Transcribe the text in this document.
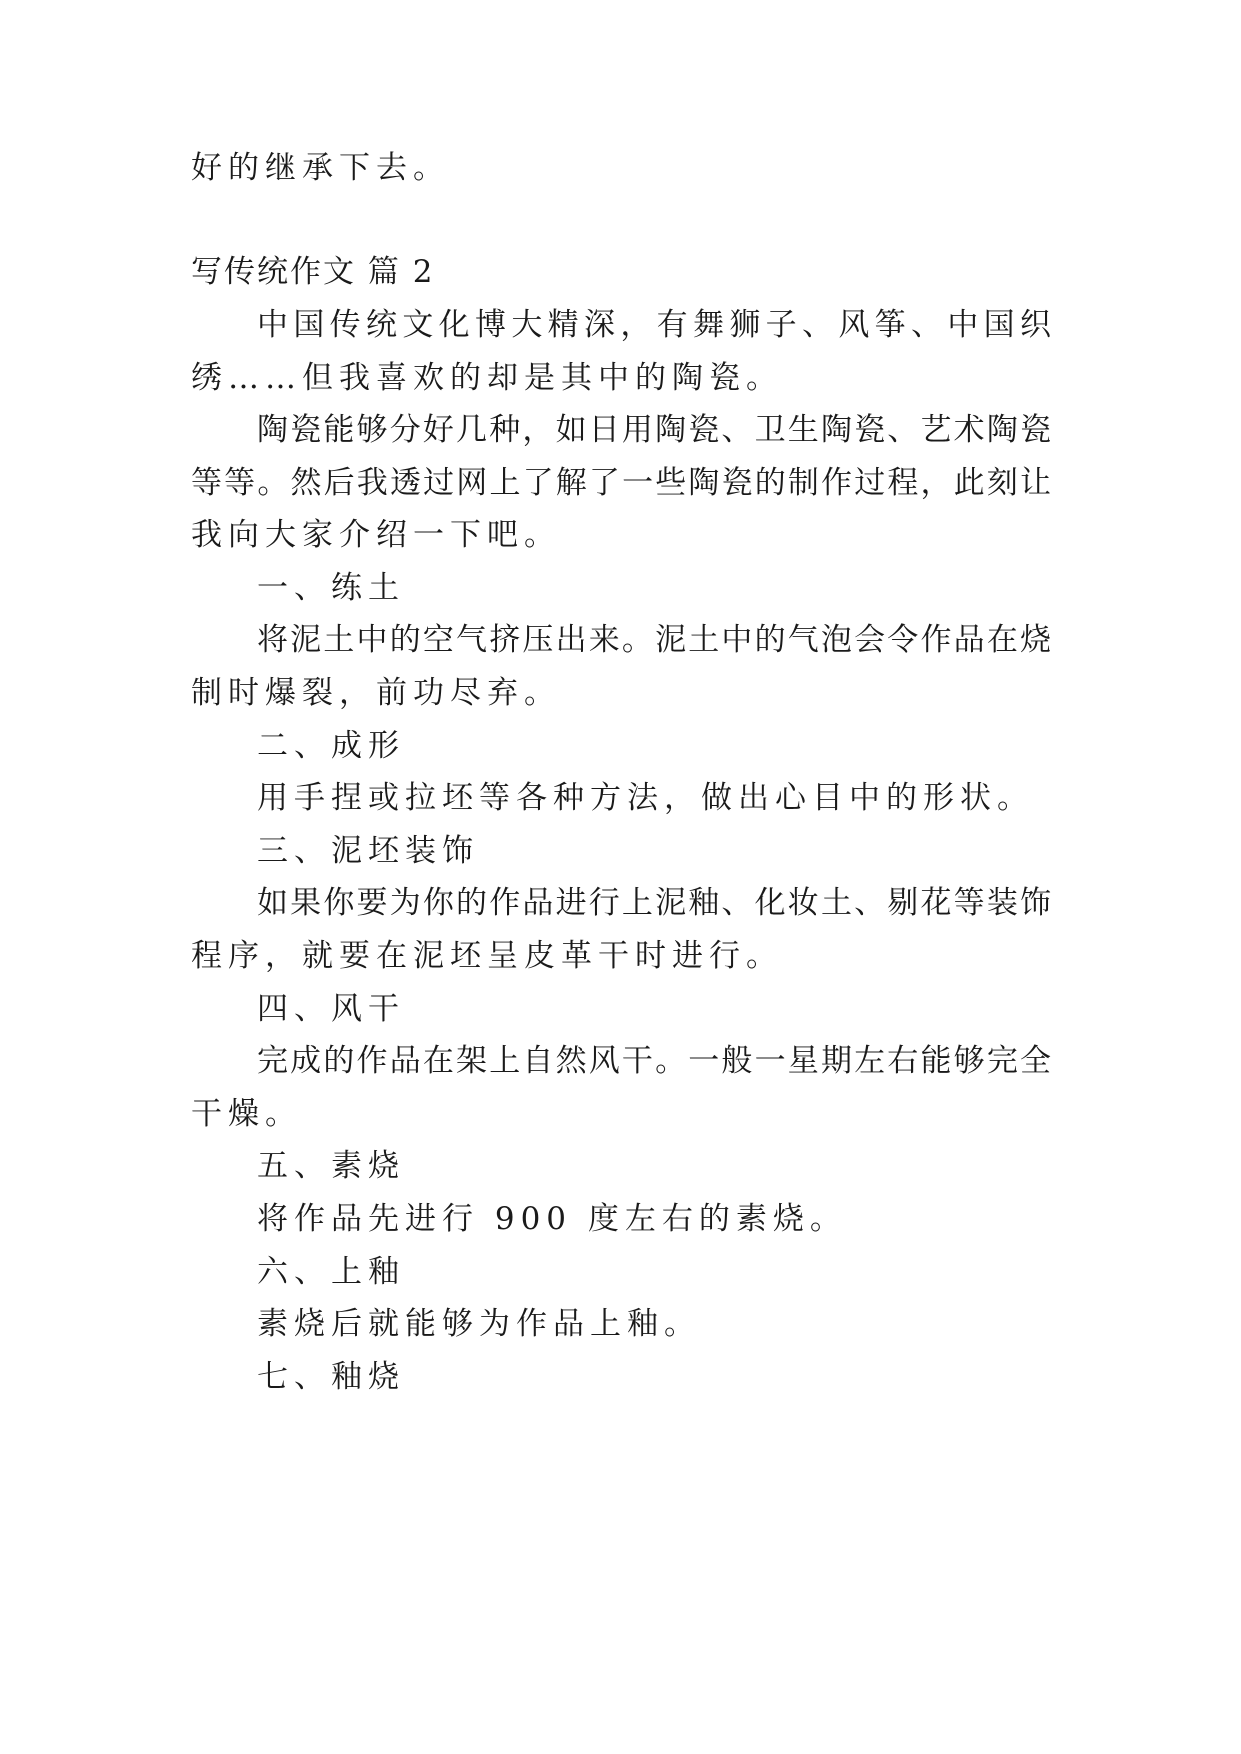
好的继承下去。
写传统作文 篇 2
中国传统文化博大精深，有舞狮子、风筝、中国织
绣……但我喜欢的却是其中的陶瓷。
陶瓷能够分好几种，如日用陶瓷、卫生陶瓷、艺术陶瓷
等等。然后我透过网上了解了一些陶瓷的制作过程，此刻让
我向大家介绍一下吧。
一、练土
将泥土中的空气挤压出来。泥土中的气泡会令作品在烧
制时爆裂，前功尽弃。
二、成形
用手捏或拉坯等各种方法，做出心目中的形状。
三、泥坯装饰
如果你要为你的作品进行上泥釉、化妆土、剔花等装饰
程序，就要在泥坯呈皮革干时进行。
四、风干
完成的作品在架上自然风干。一般一星期左右能够完全
干燥。
五、素烧
将作品先进行 900 度左右的素烧。
六、上釉
素烧后就能够为作品上釉。
七、釉烧
